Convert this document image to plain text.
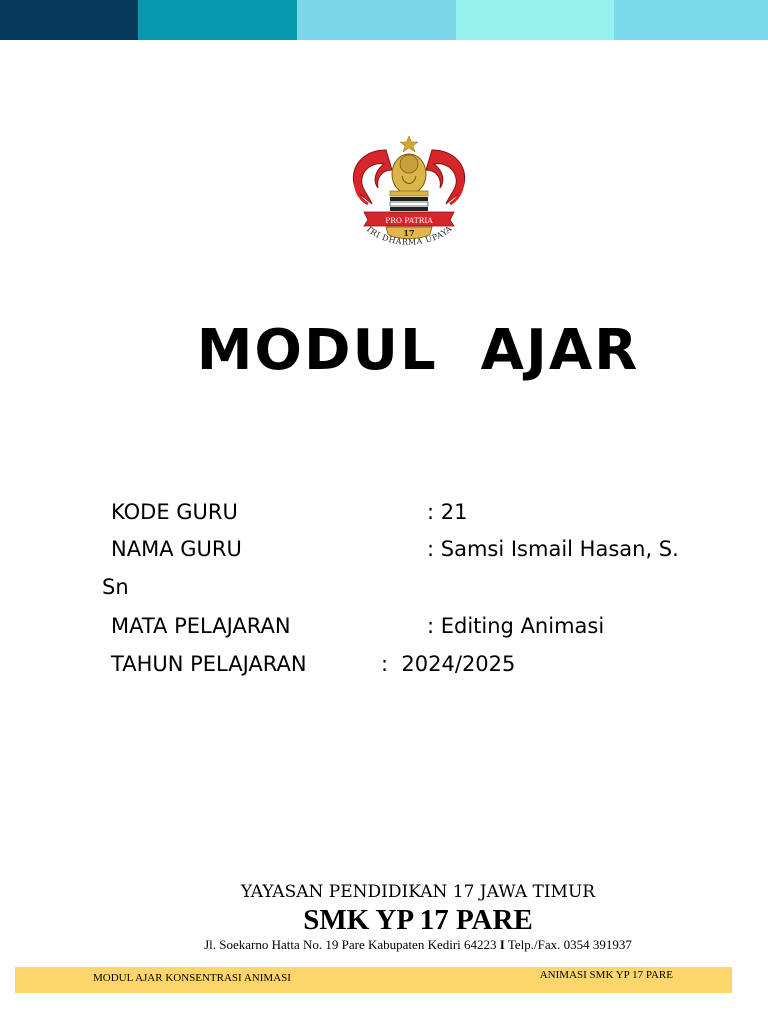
PRO PATRIA
17
TRI DHARMA UPAYA
MODUL  AJAR
KODE GURU	: 21
NAMA GURU	: Samsi Ismail Hasan, S.
Sn
MATA PELAJARAN	: Editing Animasi
TAHUN PELAJARAN	:  2024/2025
YAYASAN PENDIDIKAN 17 JAWA TIMUR
SMK YP 17 PARE
Jl. Soekarno Hatta No. 19 Pare Kabupaten Kediri 64223 I Telp./Fax. 0354 391937
MODUL AJAR KONSENTRASI ANIMASI	ANIMASI SMK YP 17 PARE
